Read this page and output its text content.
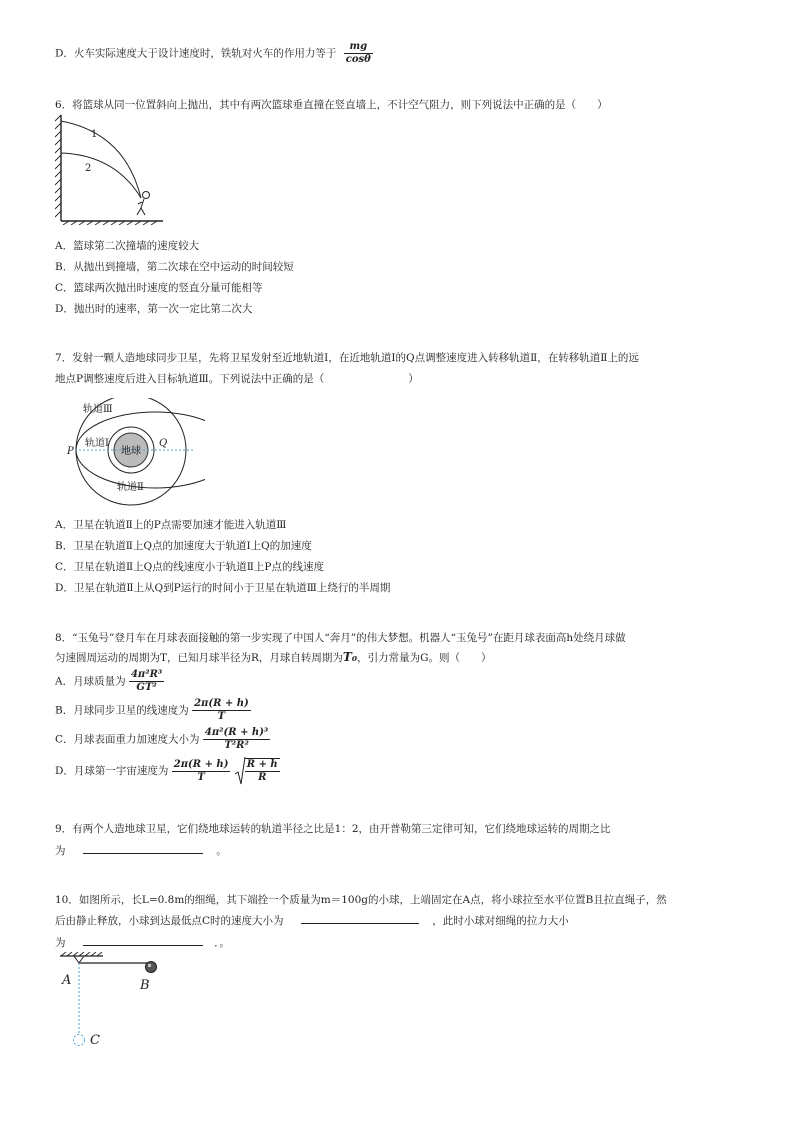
D．火车实际速度大于设计速度时，铁轨对火车的作用力等于 $\frac{mg}{\cos\theta}$
6．将篮球从同一位置斜向上抛出，其中有两次篮球垂直撞在竖直墙上，不计空气阻力，则下列说法中正确的是（　　）
1
2
A．篮球第二次撞墙的速度较大
B．从抛出到撞墙，第二次球在空中运动的时间较短
C．篮球两次抛出时速度的竖直分量可能相等
D．抛出时的速率，第一次一定比第二次大
7．发射一颗人造地球同步卫星，先将卫星发射至近地轨道Ⅰ，在近地轨道Ⅰ的Q点调整速度进入转移轨道Ⅱ，在转移轨道Ⅱ上的远
地点P调整速度后进入目标轨道Ⅲ。下列说法中正确的是（　　　　　　　　）
轨道Ⅲ
地球
轨道Ⅰ
轨道Ⅱ
P
Q
A．卫星在轨道Ⅱ上的P点需要加速才能进入轨道Ⅲ
B．卫星在轨道Ⅱ上Q点的加速度大于轨道Ⅰ上Q的加速度
C．卫星在轨道Ⅱ上Q点的线速度小于轨道Ⅱ上P点的线速度
D．卫星在轨道Ⅱ上从Q到P运行的时间小于卫星在轨道Ⅲ上绕行的半周期
8．“玉兔号”登月车在月球表面接触的第一步实现了中国人“奔月”的伟大梦想。机器人“玉兔号”在距月球表面高h处绕月球做
匀速圆周运动的周期为T，已知月球半径为R，月球自转周期为T₀，引力常量为G。则（　　）
A．月球质量为 $\frac{\text{4π²R³}}{\text{GT²}}$
B．月球同步卫星的线速度为 $\frac{2\pi(R + h)}{T}$
C．月球表面重力加速度大小为 $\frac{\text{4π²(R + h)³}}{\text{T²R²}}$
D．月球第一宇宙速度为 $\frac{2\pi(R + h)}{T}$
$\frac{R + h}{R}$
9．有两个人造地球卫星，它们绕地球运转的轨道半径之比是1：2，由开普勒第三定律可知，它们绕地球运转的周期之比
为	。
10．如图所示，长L=0.8m的细绳，其下端拴一个质量为m＝100g的小球，上端固定在A点，将小球拉至水平位置B且拉直绳子，然
后由静止释放，小球到达最低点C时的速度大小为	，此时小球对细绳的拉力大小
为	．。
A	B
C
